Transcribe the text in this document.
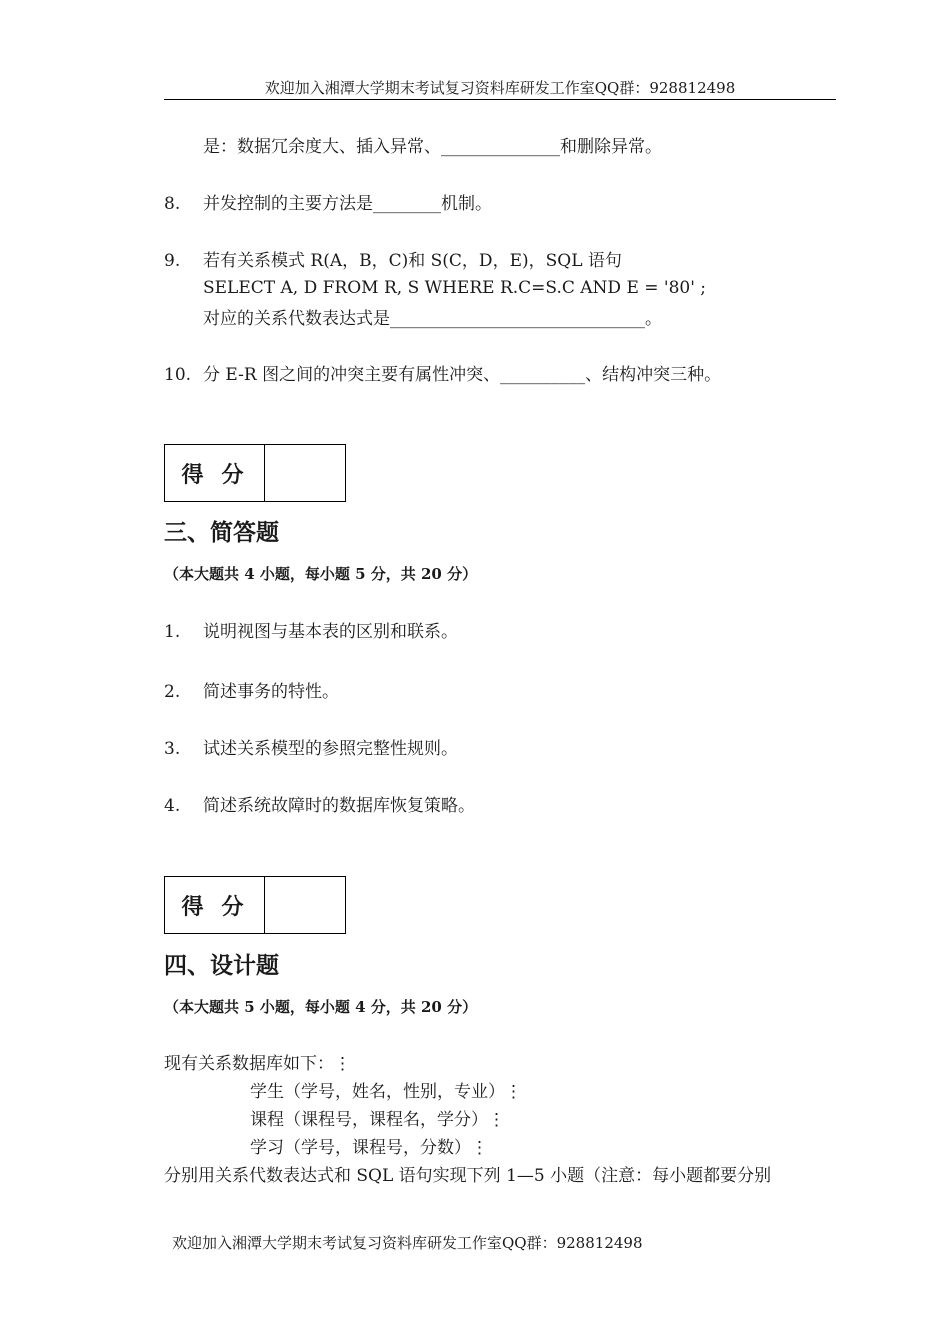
欢迎加入湘潭大学期末考试复习资料库研发工作室QQ群：928812498
是：数据冗余度大、插入异常、______________和删除异常。
8. 并发控制的主要方法是________机制。
9. 若有关系模式 R(A，B，C)和 S(C，D，E)，SQL 语句
SELECT A, D FROM R, S WHERE R.C=S.C AND E = '80' ;
对应的关系代数表达式是______________________________。
10. 分 E-R 图之间的冲突主要有属性冲突、__________、结构冲突三种。
得分
三、简答题
（本大题共 4 小题，每小题 5 分，共 20 分）
1. 说明视图与基本表的区别和联系。
2. 简述事务的特性。
3. 试述关系模型的参照完整性规则。
4. 简述系统故障时的数据库恢复策略。
得分
四、设计题
（本大题共 5 小题，每小题 4 分，共 20 分）
现有关系数据库如下：⋮
学生（学号，姓名，性别，专业）⋮
课程（课程号，课程名，学分）⋮
学习（学号，课程号，分数）⋮
分别用关系代数表达式和 SQL 语句实现下列 1—5 小题（注意：每小题都要分别
欢迎加入湘潭大学期末考试复习资料库研发工作室QQ群：928812498
